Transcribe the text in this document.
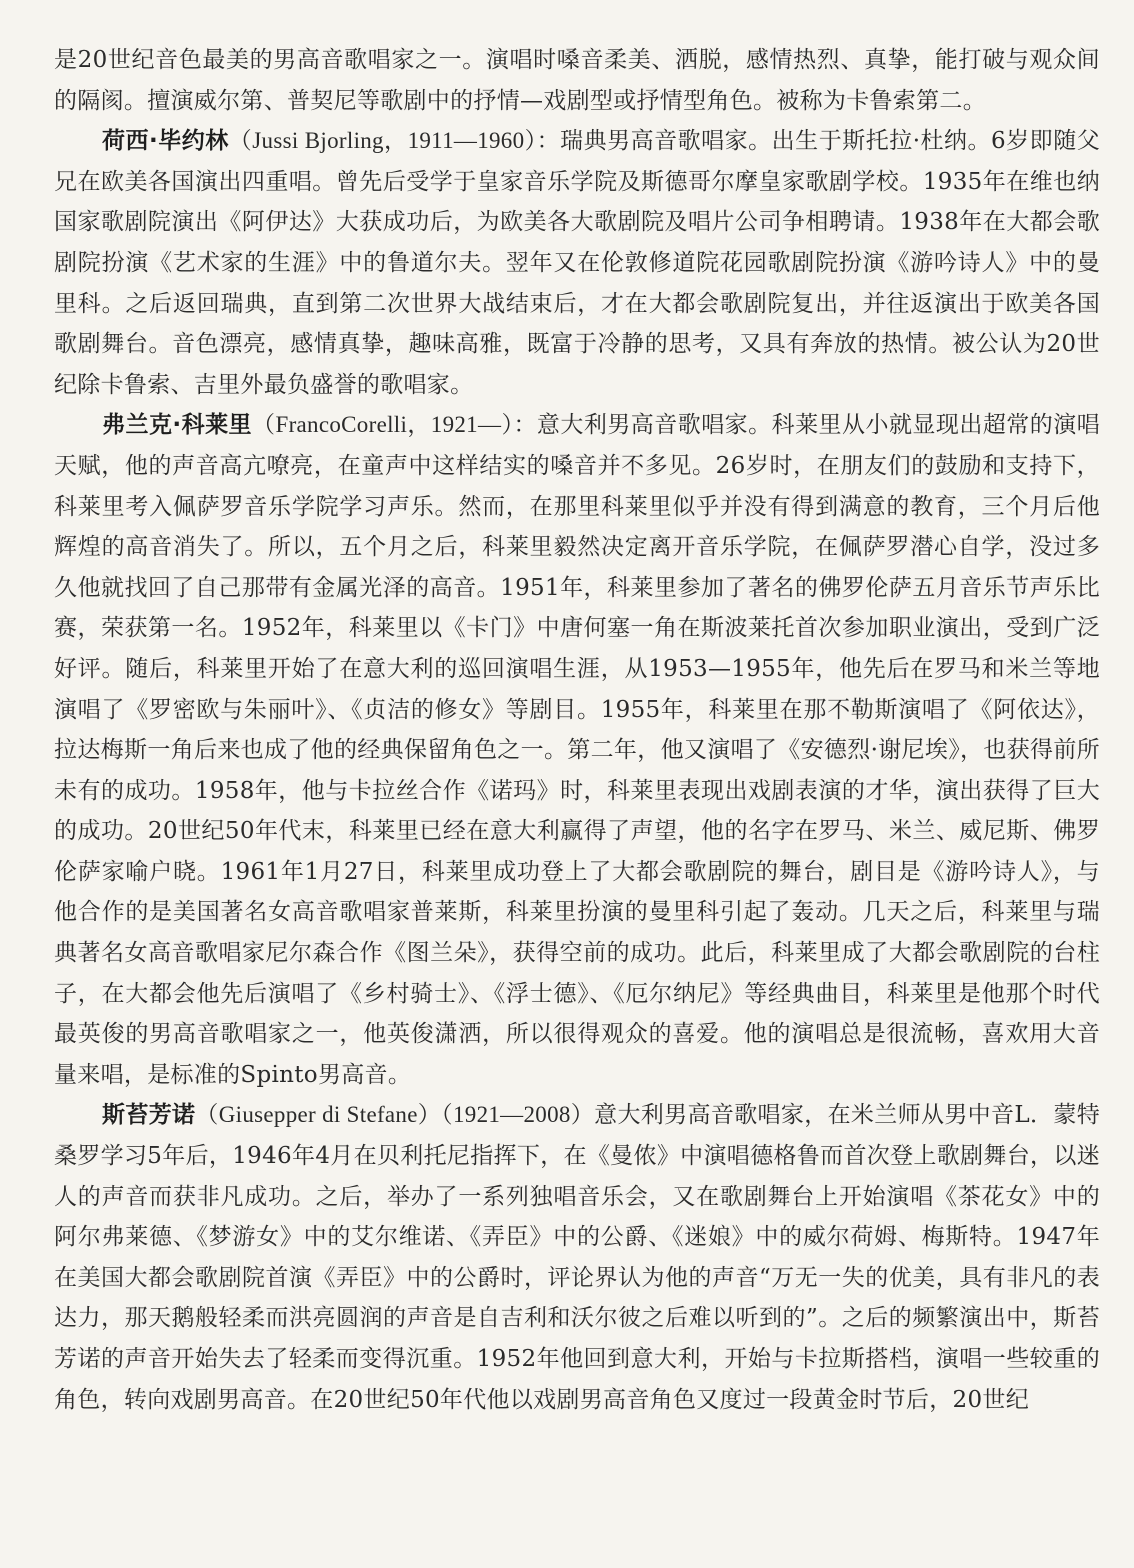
是20世纪音色最美的男高音歌唱家之一。演唱时嗓音柔美、洒脱，感情热烈、真挚，能打破与观众间的隔阂。擅演威尔第、普契尼等歌剧中的抒情—戏剧型或抒情型角色。被称为卡鲁索第二。

荷西·毕约林（Jussi Bjorling，1911—1960）：瑞典男高音歌唱家。出生于斯托拉·杜纳。6岁即随父兄在欧美各国演出四重唱。曾先后受学于皇家音乐学院及斯德哥尔摩皇家歌剧学校。1935年在维也纳国家歌剧院演出《阿伊达》大获成功后，为欧美各大歌剧院及唱片公司争相聘请。1938年在大都会歌剧院扮演《艺术家的生涯》中的鲁道尔夫。翌年又在伦敦修道院花园歌剧院扮演《游吟诗人》中的曼里科。之后返回瑞典，直到第二次世界大战结束后，才在大都会歌剧院复出，并往返演出于欧美各国歌剧舞台。音色漂亮，感情真挚，趣味高雅，既富于冷静的思考，又具有奔放的热情。被公认为20世纪除卡鲁索、吉里外最负盛誉的歌唱家。

弗兰克·科莱里（FrancoCorelli，1921—）：意大利男高音歌唱家。科莱里从小就显现出超常的演唱天赋，他的声音高亢嘹亮，在童声中这样结实的嗓音并不多见。26岁时，在朋友们的鼓励和支持下，科莱里考入佩萨罗音乐学院学习声乐。然而，在那里科莱里似乎并没有得到满意的教育，三个月后他辉煌的高音消失了。所以，五个月之后，科莱里毅然决定离开音乐学院，在佩萨罗潜心自学，没过多久他就找回了自己那带有金属光泽的高音。1951年，科莱里参加了著名的佛罗伦萨五月音乐节声乐比赛，荣获第一名。1952年，科莱里以《卡门》中唐何塞一角在斯波莱托首次参加职业演出，受到广泛好评。随后，科莱里开始了在意大利的巡回演唱生涯，从1953—1955年，他先后在罗马和米兰等地演唱了《罗密欧与朱丽叶》、《贞洁的修女》等剧目。1955年，科莱里在那不勒斯演唱了《阿依达》，拉达梅斯一角后来也成了他的经典保留角色之一。第二年，他又演唱了《安德烈·谢尼埃》，也获得前所未有的成功。1958年，他与卡拉丝合作《诺玛》时，科莱里表现出戏剧表演的才华，演出获得了巨大的成功。20世纪50年代末，科莱里已经在意大利赢得了声望，他的名字在罗马、米兰、威尼斯、佛罗伦萨家喻户晓。1961年1月27日，科莱里成功登上了大都会歌剧院的舞台，剧目是《游吟诗人》，与他合作的是美国著名女高音歌唱家普莱斯，科莱里扮演的曼里科引起了轰动。几天之后，科莱里与瑞典著名女高音歌唱家尼尔森合作《图兰朵》，获得空前的成功。此后，科莱里成了大都会歌剧院的台柱子，在大都会他先后演唱了《乡村骑士》、《浮士德》、《厄尔纳尼》等经典曲目，科莱里是他那个时代最英俊的男高音歌唱家之一，他英俊潇洒，所以很得观众的喜爱。他的演唱总是很流畅，喜欢用大音量来唱，是标准的Spinto男高音。

斯苔芳诺（Giusepper di Stefane）（1921—2008）意大利男高音歌唱家，在米兰师从男中音L．蒙特桑罗学习5年后，1946年4月在贝利托尼指挥下，在《曼侬》中演唱德格鲁而首次登上歌剧舞台，以迷人的声音而获非凡成功。之后，举办了一系列独唱音乐会，又在歌剧舞台上开始演唱《茶花女》中的阿尔弗莱德、《梦游女》中的艾尔维诺、《弄臣》中的公爵、《迷娘》中的威尔荷姆、梅斯特。1947年在美国大都会歌剧院首演《弄臣》中的公爵时，评论界认为他的声音“万无一失的优美，具有非凡的表达力，那天鹅般轻柔而洪亮圆润的声音是自吉利和沃尔彼之后难以听到的”。之后的频繁演出中，斯苔芳诺的声音开始失去了轻柔而变得沉重。1952年他回到意大利，开始与卡拉斯搭档，演唱一些较重的角色，转向戏剧男高音。在20世纪50年代他以戏剧男高音角色又度过一段黄金时节后，20世纪
